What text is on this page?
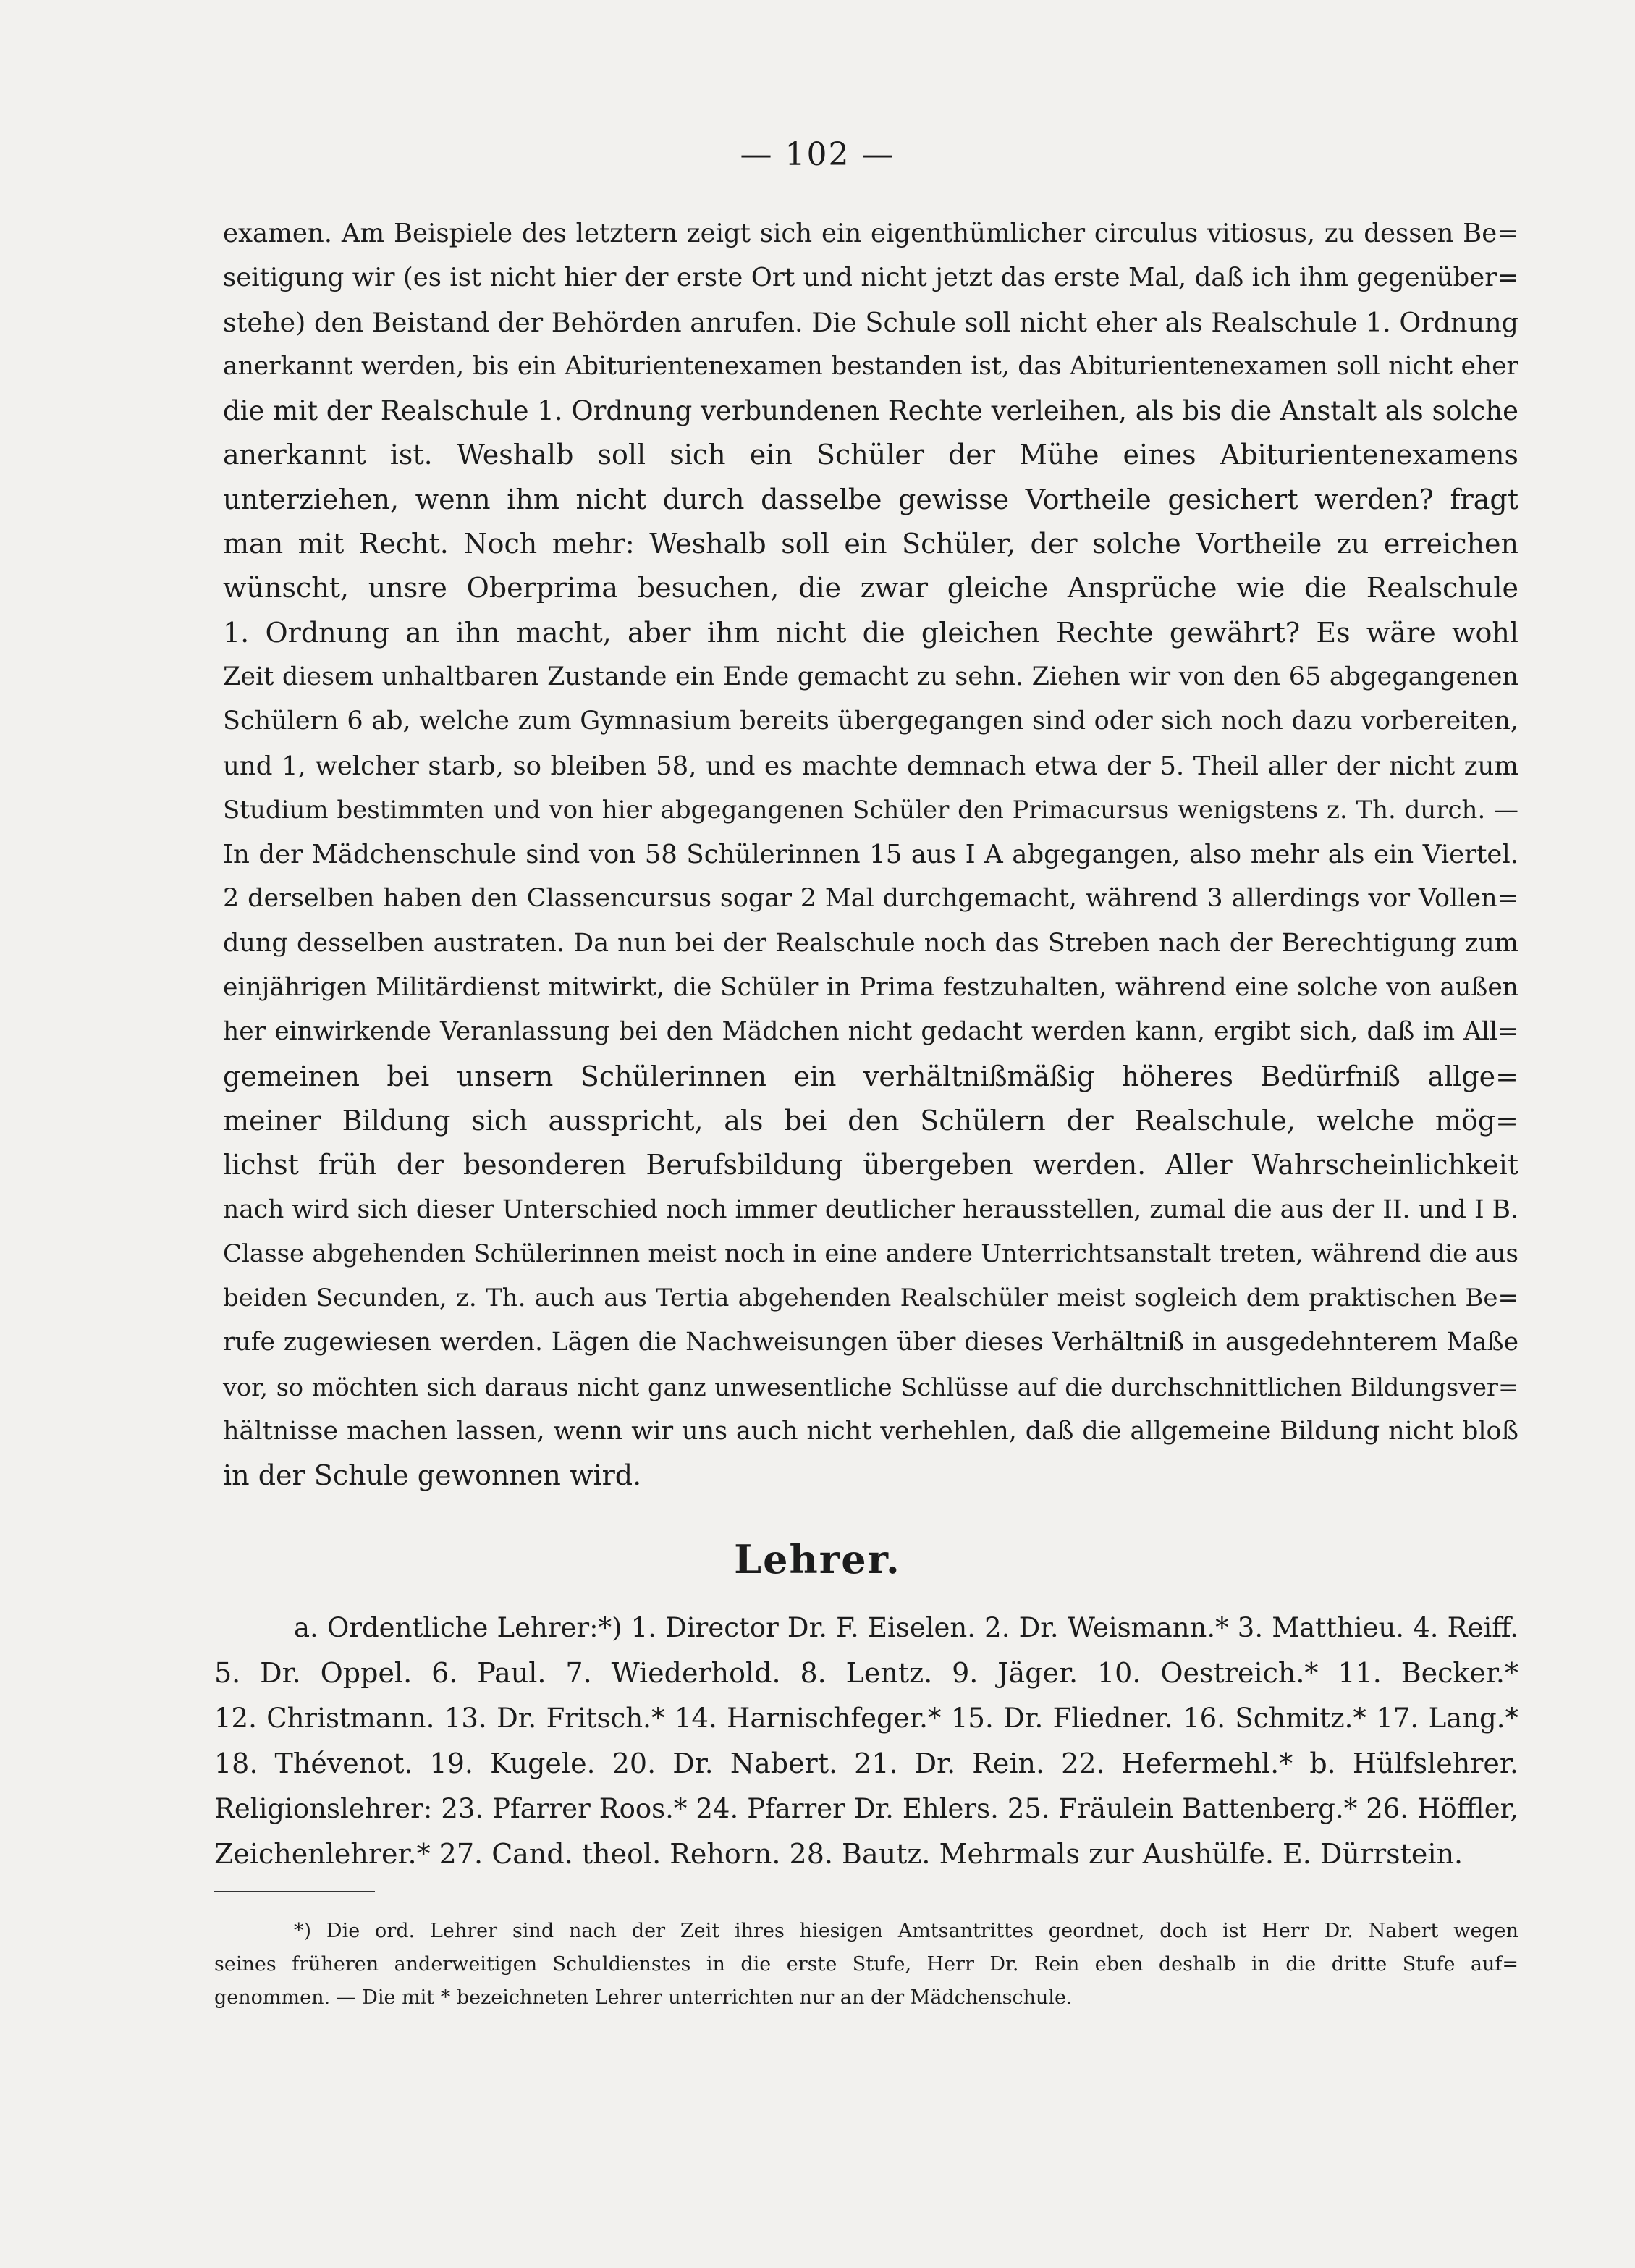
— 102 —
examen. Am Beispiele des letztern zeigt sich ein eigenthümlicher circulus vitiosus, zu dessen Be=
seitigung wir (es ist nicht hier der erste Ort und nicht jetzt das erste Mal, daß ich ihm gegenüber=
stehe) den Beistand der Behörden anrufen. Die Schule soll nicht eher als Realschule 1. Ordnung
anerkannt werden, bis ein Abiturientenexamen bestanden ist, das Abiturientenexamen soll nicht eher
die mit der Realschule 1. Ordnung verbundenen Rechte verleihen, als bis die Anstalt als solche
anerkannt ist. Weshalb soll sich ein Schüler der Mühe eines Abiturientenexamens
unterziehen, wenn ihm nicht durch dasselbe gewisse Vortheile gesichert werden? fragt
man mit Recht. Noch mehr: Weshalb soll ein Schüler, der solche Vortheile zu erreichen
wünscht, unsre Oberprima besuchen, die zwar gleiche Ansprüche wie die Realschule
1. Ordnung an ihn macht, aber ihm nicht die gleichen Rechte gewährt? Es wäre wohl
Zeit diesem unhaltbaren Zustande ein Ende gemacht zu sehn. Ziehen wir von den 65 abgegangenen
Schülern 6 ab, welche zum Gymnasium bereits übergegangen sind oder sich noch dazu vorbereiten,
und 1, welcher starb, so bleiben 58, und es machte demnach etwa der 5. Theil aller der nicht zum
Studium bestimmten und von hier abgegangenen Schüler den Primacursus wenigstens z. Th. durch. —
In der Mädchenschule sind von 58 Schülerinnen 15 aus I A abgegangen, also mehr als ein Viertel.
2 derselben haben den Classencursus sogar 2 Mal durchgemacht, während 3 allerdings vor Vollen=
dung desselben austraten. Da nun bei der Realschule noch das Streben nach der Berechtigung zum
einjährigen Militärdienst mitwirkt, die Schüler in Prima festzuhalten, während eine solche von außen
her einwirkende Veranlassung bei den Mädchen nicht gedacht werden kann, ergibt sich, daß im All=
gemeinen bei unsern Schülerinnen ein verhältnißmäßig höheres Bedürfniß allge=
meiner Bildung sich ausspricht, als bei den Schülern der Realschule, welche mög=
lichst früh der besonderen Berufsbildung übergeben werden. Aller Wahrscheinlichkeit
nach wird sich dieser Unterschied noch immer deutlicher herausstellen, zumal die aus der II. und I B.
Classe abgehenden Schülerinnen meist noch in eine andere Unterrichtsanstalt treten, während die aus
beiden Secunden, z. Th. auch aus Tertia abgehenden Realschüler meist sogleich dem praktischen Be=
rufe zugewiesen werden. Lägen die Nachweisungen über dieses Verhältniß in ausgedehnterem Maße
vor, so möchten sich daraus nicht ganz unwesentliche Schlüsse auf die durchschnittlichen Bildungsver=
hältnisse machen lassen, wenn wir uns auch nicht verhehlen, daß die allgemeine Bildung nicht bloß
in der Schule gewonnen wird.
Lehrer.
a. Ordentliche Lehrer:*) 1. Director Dr. F. Eiselen. 2. Dr. Weismann.* 3. Matthieu. 4. Reiff.
5. Dr. Oppel. 6. Paul. 7. Wiederhold. 8. Lentz. 9. Jäger. 10. Oestreich.* 11. Becker.*
12. Christmann. 13. Dr. Fritsch.* 14. Harnischfeger.* 15. Dr. Fliedner. 16. Schmitz.* 17. Lang.*
18. Thévenot. 19. Kugele. 20. Dr. Nabert. 21. Dr. Rein. 22. Hefermehl.* b. Hülfslehrer.
Religionslehrer: 23. Pfarrer Roos.* 24. Pfarrer Dr. Ehlers. 25. Fräulein Battenberg.* 26. Höffler,
Zeichenlehrer.* 27. Cand. theol. Rehorn. 28. Bautz. Mehrmals zur Aushülfe. E. Dürrstein.
*) Die ord. Lehrer sind nach der Zeit ihres hiesigen Amtsantrittes geordnet, doch ist Herr Dr. Nabert wegen
seines früheren anderweitigen Schuldienstes in die erste Stufe, Herr Dr. Rein eben deshalb in die dritte Stufe auf=
genommen. — Die mit * bezeichneten Lehrer unterrichten nur an der Mädchenschule.
